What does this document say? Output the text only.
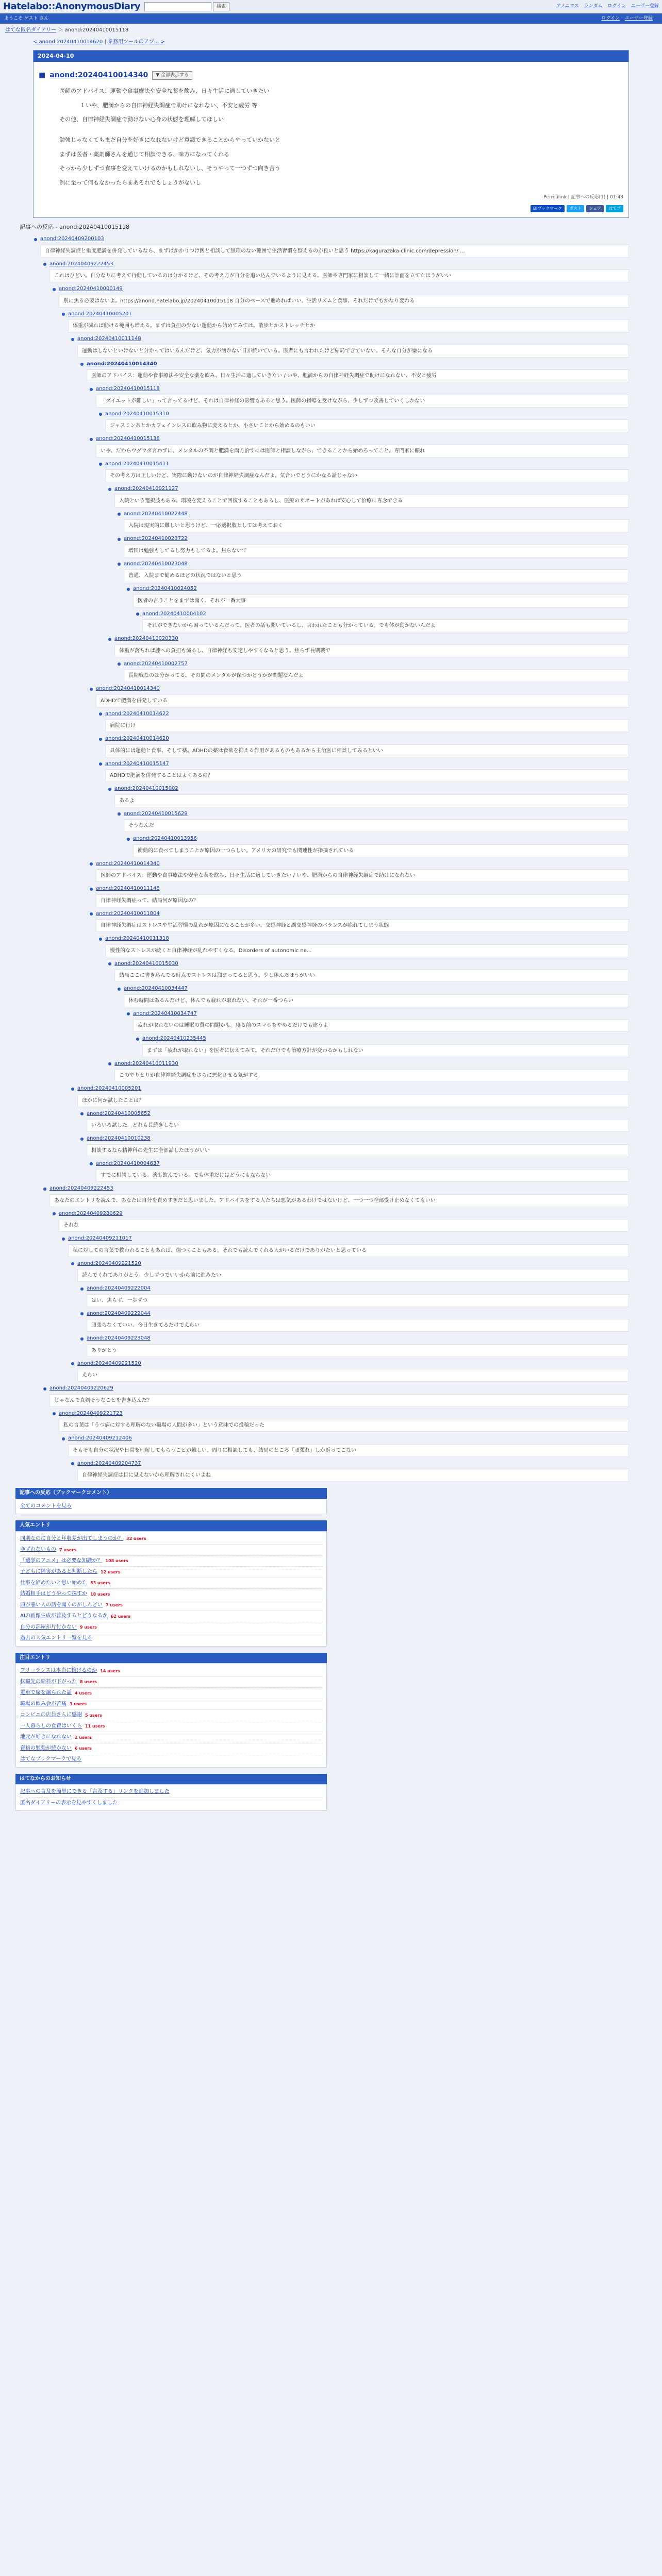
Hatelabo::AnonymousDiary	検索	アノニマス ランダム ログイン ユーザー登録
ようこそ ゲスト さん	ログイン ユーザー登録
はてな匿名ダイアリー ＞ anond:20240410015118
< anond:20240410014620 | 業務用ツールのアプ... >
2024-04-10
■ anond:20240410014340	▼ 全部表示する

医師のアドバイス：運動や食事療法や安全な薬を飲み、日々生活に適していきたい

１いや、肥満からの自律神経失調症で助けになれない、不安と疲労 等

その他、自律神経失調症で動けない心身の状態を理解してほしい

勉強じゃなくてもまだ自分を好きになれないけど意識できることからやっていかないと

まずは医者・薬剤師さんを通じて相談できる、味方になってくれる

そっから少しずつ食事を変えていけるのかもしれないし、そうやって一つずつ向き合う

例に至って何もなかったらまあそれでもしょうがないし

Permalink | 記事への反応(1) | 01:43
B!ブックマーク	ポスト	シェア	はてブ
記事への反応 - anond:20240410015118
● anond:20240409200103
自律神経失調症と重度肥満を併発しているなら、まずはかかりつけ医と相談して無理のない範囲で生活習慣を整えるのが良いと思う https://kagurazaka-clinic.com/depression/ ...
● anond:20240409222453
これはひどい。自分なりに考えて行動しているのは分かるけど、その考え方が自分を追い込んでいるように見える。医師や専門家に相談して一緒に計画を立てたほうがいい
● anond:20240410000149
別に焦る必要はないよ。https://anond.hatelabo.jp/20240410015118 自分のペースで進めればいい。生活リズムと食事、それだけでもかなり変わる
● anond:20240410005201
体重が減れば動ける範囲も増える。まずは負担の少ない運動から始めてみては。散歩とかストレッチとか
● anond:20240410011148
運動はしないといけないと分かってはいるんだけど、気力が湧かない日が続いている。医者にも言われたけど結局できていない。そんな自分が嫌になる
● anond:20240410014340
医師のアドバイス：運動や食事療法や安全な薬を飲み、日々生活に適していきたい / いや、肥満からの自律神経失調症で助けになれない、不安と疲労
● anond:20240410015118
「ダイエットが難しい」って言ってるけど、それは自律神経の影響もあると思う。医師の指導を受けながら、少しずつ改善していくしかない
● anond:20240410015310
ジャスミン茶とかカフェインレスの飲み物に変えるとか、小さいことから始めるのもいい
● anond:20240410015138
いや、だからウダウダ言わずに、メンタルの不調と肥満を両方治すには医師と相談しながら、できることから始めろってこと。専門家に頼れ
● anond:20240410015411
その考え方は正しいけど、実際に動けないのが自律神経失調症なんだよ。気合いでどうにかなる話じゃない
● anond:20240410021127
入院という選択肢もある。環境を変えることで回復することもあるし、医療のサポートがあれば安心して治療に専念できる
● anond:20240410022448
入院は現実的に難しいと思うけど、一応選択肢としては考えておく
● anond:20240410023722
増田は勉強もしてるし努力もしてるよ。焦らないで
● anond:20240410023048
普通、入院まで勧めるほどの状況ではないと思う
● anond:20240410024052
医者の言うことをまずは聞く。それが一番大事
● anond:20240410004102
それができないから困っているんだって。医者の話も聞いているし、言われたことも分かっている。でも体が動かないんだよ
● anond:20240410020330
体重が落ちれば膝への負担も減るし、自律神経も安定しやすくなると思う。焦らず長期戦で
● anond:20240410002757
長期戦なのは分かってる。その間のメンタルが保つかどうかが問題なんだよ
● anond:20240410014340
ADHDで肥満を併発している
● anond:20240410014622
病院に行け
● anond:20240410014620
具体的には運動と食事、そして薬。ADHDの薬は食欲を抑える作用があるものもあるから主治医に相談してみるといい
● anond:20240410015147
ADHDで肥満を併発することはよくあるの？
● anond:20240410015002
あるよ
● anond:20240410015629
そうなんだ
● anond:20240410013956
衝動的に食べてしまうことが原因の一つらしい。アメリカの研究でも関連性が指摘されている
● anond:20240410014340
医師のアドバイス：運動や食事療法や安全な薬を飲み、日々生活に適していきたい / いや、肥満からの自律神経失調症で助けになれない
● anond:20240410011148
自律神経失調症って、結局何が原因なの？
● anond:20240410011804
自律神経失調症はストレスや生活習慣の乱れが原因になることが多い。交感神経と副交感神経のバランスが崩れてしまう状態
● anond:20240410011318
慢性的なストレスが続くと自律神経が乱れやすくなる。Disorders of autonomic ne...
● anond:20240410015030
結局ここに書き込んでる時点でストレスは溜まってると思う。少し休んだほうがいい
● anond:20240410034447
休む時間はあるんだけど、休んでも疲れが取れない。それが一番つらい
● anond:20240410034747
疲れが取れないのは睡眠の質の問題かも。寝る前のスマホをやめるだけでも違うよ
● anond:20240410235445
まずは「疲れが取れない」を医者に伝えてみて。それだけでも治療方針が変わるかもしれない
● anond:20240410011930
このやりとりが自律神経失調症をさらに悪化させる気がする
● anond:20240410005201
ほかに何か試したことは？
● anond:20240410005652
いろいろ試した。どれも長続きしない
● anond:20240410010238
相談するなら精神科の先生に全部話したほうがいい
● anond:20240410004637
すでに相談している。薬も飲んでいる。でも体重だけはどうにもならない
● anond:20240409222453
あなたのエントリを読んで、あなたは自分を責めすぎだと思いました。アドバイスをする人たちは悪気があるわけではないけど、一つ一つ全部受け止めなくてもいい
● anond:20240409230629
それな
● anond:20240409211017
私に対しての言葉で救われることもあれば、傷つくこともある。それでも読んでくれる人がいるだけでありがたいと思っている
● anond:20240409221520
読んでくれてありがとう。少しずつでいいから前に進みたい
● anond:20240409222004
はい、焦らず、一歩ずつ
● anond:20240409222044
頑張らなくていい。今日生きてるだけでえらい
● anond:20240409223048
ありがとう
● anond:20240409221520
えらい
● anond:20240409220629
じゃなんで真剣そうなことを書き込んだ？
● anond:20240409221723
私の言葉は「うつ病に対する理解のない職場の人間が多い」という意味での投稿だった
● anond:20240409212406
そもそも自分の状況や日常を理解してもらうことが難しい。周りに相談しても、結局のところ「頑張れ」しか返ってこない
● anond:20240409204737
自律神経失調症は目に見えないから理解されにくいよね
記事への反応（ブックマークコメント）
全てのコメントを見る
人気エントリ
同期なのに自分と年収差が出てしまうのか？ 32 users
ゆずれないもの 7 users
「選挙のアニメ」は必要な知識か？ 108 users
子どもに障害があると判断したら 12 users
仕事を辞めたいと思い始めた 53 users
結婚相手はどうやって探すか 18 users
頭が悪い人の話を聞くのがしんどい 7 users
AIの画像生成が普及するとどうなるか 62 users
自分の部屋が片付かない 9 users
過去の人気エントリ一覧を見る
注目エントリ
フリーランスは本当に稼げるのか 14 users
転職先の給料が下がった 8 users
電車で席を譲られた話 4 users
職場の飲み会が苦痛 3 users
コンビニの店員さんに感謝 5 users
一人暮らしの食費はいくら 11 users
地元が好きになれない 2 users
資格の勉強が続かない 6 users
はてなブックマークで見る
はてなからのお知らせ
記事への言及を簡単にできる「言及する」リンクを追加しました
匿名ダイアリーの表示を見やすくしました
